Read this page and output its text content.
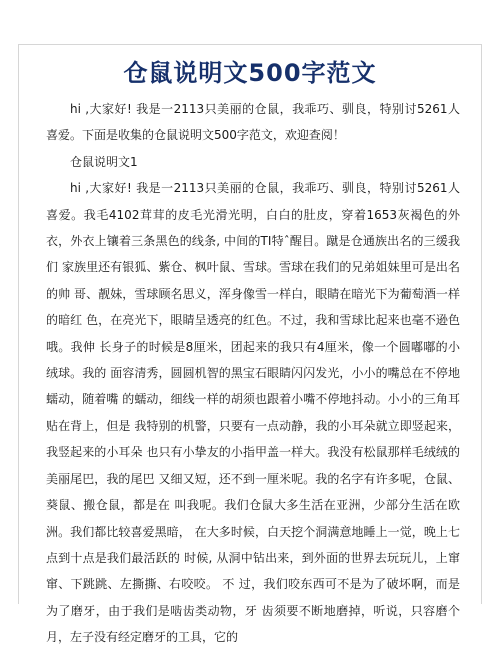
仓鼠说明文500字范文

hi ,大家好! 我是一2113只美丽的仓鼠，我乖巧、驯良，特别讨5261人 喜爱。下面是收集的仓鼠说明文500字范文，欢迎查阅！

仓鼠说明文1

hi ,大家好! 我是一2113只美丽的仓鼠，我乖巧、驯良，特别讨5261人 喜爱。我毛4102茸茸的皮毛光滑光明，白白的肚皮，穿着1653灰褐色的外衣，外衣上镶着三条黑色的线条, 中间的TI特ˆ醒目。蹴是仓通族出名的三缓我们 家族里还有银狐、紫仓、枫叶鼠、雪球。雪球在我们的兄弟姐妹里可是出名的帅 哥、靓妹，雪球顾名思义，浑身像雪一样白，眼睛在暗光下为葡萄酒一样的暗红 色，在亮光下，眼睛呈透亮的红色。不过，我和雪球比起来也毫不逊色哦。我伸 长身子的时候是8厘米，团起来的我只有4厘米，像一个圆嘟嘟的小绒球。我的 面容清秀，圆圆机智的黑宝石眼睛闪闪发光，小小的嘴总在不停地蠕动，随着嘴 的蠕动，细线一样的胡须也跟着小嘴不停地抖动。小小的三角耳贴在背上，但是 我特别的机警，只要有一点动静，我的小耳朵就立即竖起来，我竖起来的小耳朵 也只有小挚友的小指甲盖一样大。我没有松鼠那样毛绒绒的美丽尾巴，我的尾巴 又细又短，还不到一厘米呢。我的名字有许多呢，仓鼠、葵鼠、搬仓鼠，都是在 叫我呢。我们仓鼠大多生活在亚洲，少部分生活在欧洲。我们都比较喜爱黑暗， 在大多时候，白天挖个洞满意地睡上一觉，晚上七点到十点是我们最活跃的 时候, 从洞中钻出来，到外面的世界去玩玩儿，上窜窜、下跳跳、左撕撕、右咬咬。 不 过，我们咬东西可不是为了破坏啊，而是为了磨牙，由于我们是啮齿类动物，牙 齿须要不断地磨掉，听说，只容磨个月，左子没有经定磨牙的工具，它的
